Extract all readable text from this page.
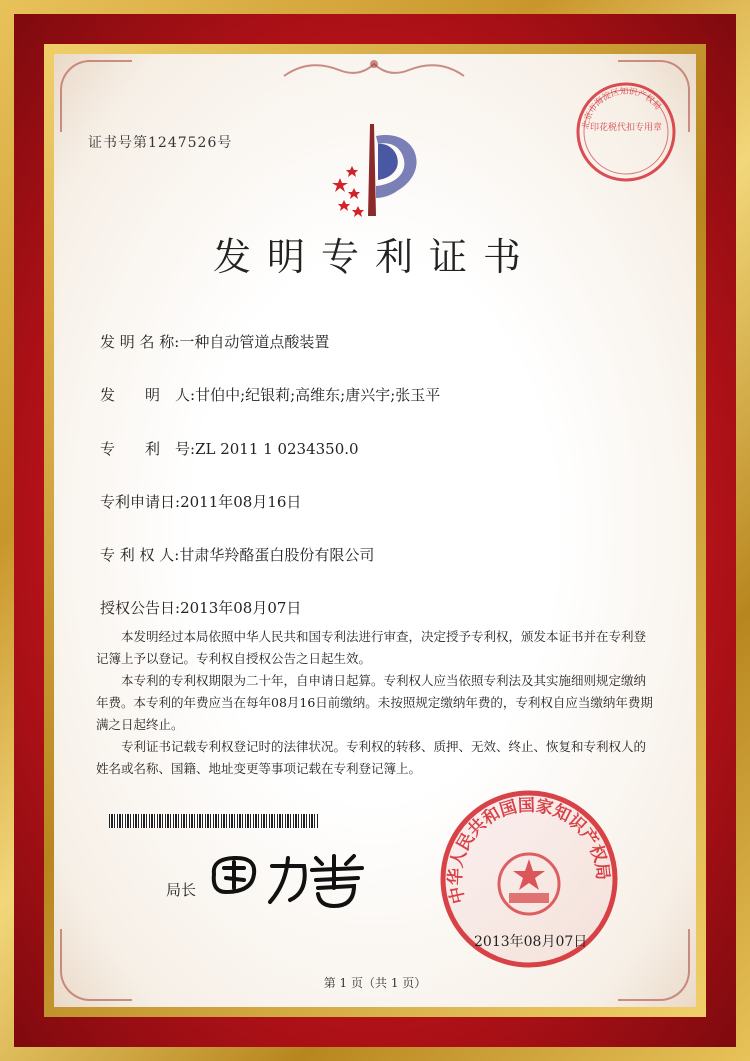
证书号第1247526号
发明专利证书
发 明 名 称:一种自动管道点酸装置
发　　明　人:甘伯中;纪银莉;高维东;唐兴宇;张玉平
专　　利　号:ZL 2011 1 0234350.0
专利申请日:2011年08月16日
专 利 权 人:甘肃华羚酪蛋白股份有限公司
授权公告日:2013年08月07日

本发明经过本局依照中华人民共和国专利法进行审查，决定授予专利权，颁发本证书并在专利登记簿上予以登记。专利权自授权公告之日起生效。

本专利的专利权期限为二十年，自申请日起算。专利权人应当依照专利法及其实施细则规定缴纳年费。本专利的年费应当在每年08月16日前缴纳。未按照规定缴纳年费的，专利权自应当缴纳年费期满之日起终止。

专利证书记载专利权登记时的法律状况。专利权的转移、质押、无效、终止、恢复和专利权人的姓名或名称、国籍、地址变更等事项记载在专利登记簿上。

局长
北京市海淀区知识产权局
印花税代扣专用章
中华人民共和国国家知识产权局
2013年08月07日
第 1 页（共 1 页）
